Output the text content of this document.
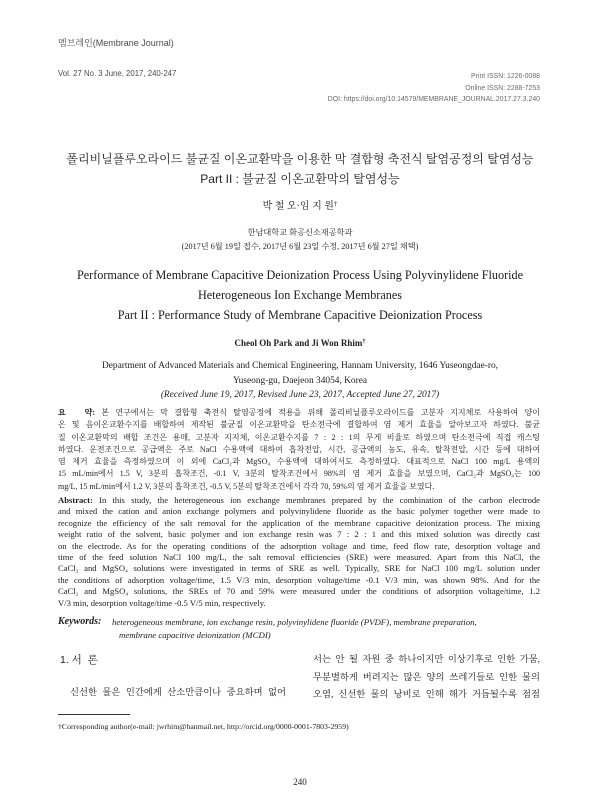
멤브레인(Membrane Journal)
Vol. 27 No. 3 June, 2017, 240-247	Print ISSN: 1226-0088
Online ISSN: 2288-7253
DOI: https://doi.org/10.14579/MEMBRANE_JOURNAL.2017.27.3.240
폴리비닐플루오라이드 불균질 이온교환막을 이용한 막 결합형 축전식 탈염공정의 탈염성능
Part II : 불균질 이온교환막의 탈염성능
박 철 오·임 지 원†
한남대학교 화공신소재공학과
(2017년 6월 19일 접수, 2017년 6월 23일 수정, 2017년 6월 27일 채택)
Performance of Membrane Capacitive Deionization Process Using Polyvinylidene Fluoride
Heterogeneous Ion Exchange Membranes
Part II : Performance Study of Membrane Capacitive Deionization Process
Cheol Oh Park and Ji Won Rhim†
Department of Advanced Materials and Chemical Engineering, Hannam University, 1646 Yuseongdae-ro,
Yuseong-gu, Daejeon 34054, Korea
(Received June 19, 2017, Revised June 23, 2017, Accepted June 27, 2017)
요   약: 본 연구에서는 막 결합형 축전식 탈염공정에 적용을 위해 폴리비닐플루오라이드를 고분자 지지체로 사용하여 양이
온 및 음이온교환수지를 배합하여 제작된 불균질 이온교환막을 탄소전극에 결합하여 염 제거 효율을 알아보고자 하였다. 불균
질 이온교환막의 배합 조건은 용매, 고분자 지지체, 이온교환수지를 7 : 2 : 1의 무게 비율로 하였으며 탄소전극에 직접 캐스팅
하였다. 운전조건으로 공급액은 주로 NaCl 수용액에 대하여 흡착전압, 시간, 공급액의 농도, 유속, 탈착전압, 시간 등에 대하여
염 제거 효율을 측정하였으며 이 외에 CaCl₂과 MgSO₄ 수용액에 대하여서도 측정하였다. 대표적으로 NaCl 100 mg/L 용액의
15 mL/min에서 1.5 V, 3분의 흡착조건, -0.1 V, 3분의 탈착조건에서 98%의 염 제거 효율을 보였으며, CaCl₂과 MgSO₄는 100
mg/L, 15 mL/min에서 1.2 V, 3분의 흡착조건, -0.5 V, 5분의 탈착조건에서 각각 70, 59%의 염 제거 효율을 보였다.
Abstract: In this study, the heterogeneous ion exchange membranes prepared by the combination of the carbon electrode
and mixed the cation and anion exchange polymers and polyvinylidene fluoride as the basic polymer together were made to
recognize the efficiency of the salt removal for the application of the membrane capacitive deionization process. The mixing
weight ratio of the solvent, basic polymer and ion exchange resin was 7 : 2 : 1 and this mixed solution was directly cast
on the electrode. As for the operating conditions of the adsorption voltage and time, feed flow rate, desorption voltage and
time of the feed solution NaCl 100 mg/L, the salt removal efficiencies (SRE) were measured. Apart from this NaCl, the
CaCl₂ and MgSO₄ solutions were investigated in terms of SRE as well. Typically, SRE for NaCl 100 mg/L solution under
the conditions of adsorption voltage/time, 1.5 V/3 min, desorption voltage/time -0.1 V/3 min, was shown 98%. And for the
CaCl₂ and MgSO₄ solutions, the SREs of 70 and 59% were measured under the conditions of adsorption voltage/time, 1.2
V/3 min, desorption voltage/time -0.5 V/5 min, respectively.
Keywords: heterogeneous membrane, ion exchange resin, polyvinylidene fluoride (PVDF), membrane preparation,
membrane capacitive deionization (MCDI)
1. 서  론
신선한 물은 인간에게 산소만큼이나 중요하며 없어
서는 안 될 자원 중 하나이지만 이상기후로 인한 가뭄,
무분별하게 버려지는 많은 양의 쓰레기들로 인한 물의
오염, 신선한 물의 낭비로 인해 해가 거듭될수록 점점
†Corresponding author(e-mail: jwrhim@hanmail.net, http://orcid.org/0000-0001-7803-2959)
240
